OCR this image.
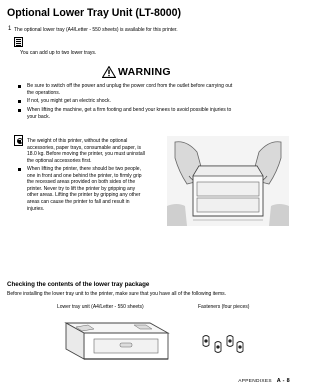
Optional Lower Tray Unit (LT-8000)
1 The optional lower tray (A4/Letter - 550 sheets) is available for this printer.
You can add up to two lower trays.
WARNING
Be sure to switch off the power and unplug the power cord from the outlet before carrying out
the operations.
If not, you might get an electric shock.
When lifting the machine, get a firm footing and bend your knees to avoid possible injuries to
your back.
The weight of this printer, without the optional
accessories, paper trays, consumable and paper, is
18.0 kg. Before moving the printer, you must uninstall
the optional accessories first.
When lifting the printer, there should be two people,
one in front and one behind the printer, to firmly grip
the recessed areas provided on both sides of the
printer. Never try to lift the printer by gripping any
other areas. Lifting the printer by gripping any other
areas can cause the printer to fall and result in
injuries.
Checking the contents of the lower tray package
Before installing the lower tray unit to the printer, make sure that you have all of the following items.
Lower tray unit (A4/Letter - 550 sheets)	Fasteners (four pieces)
APPENDIXES A - 8
